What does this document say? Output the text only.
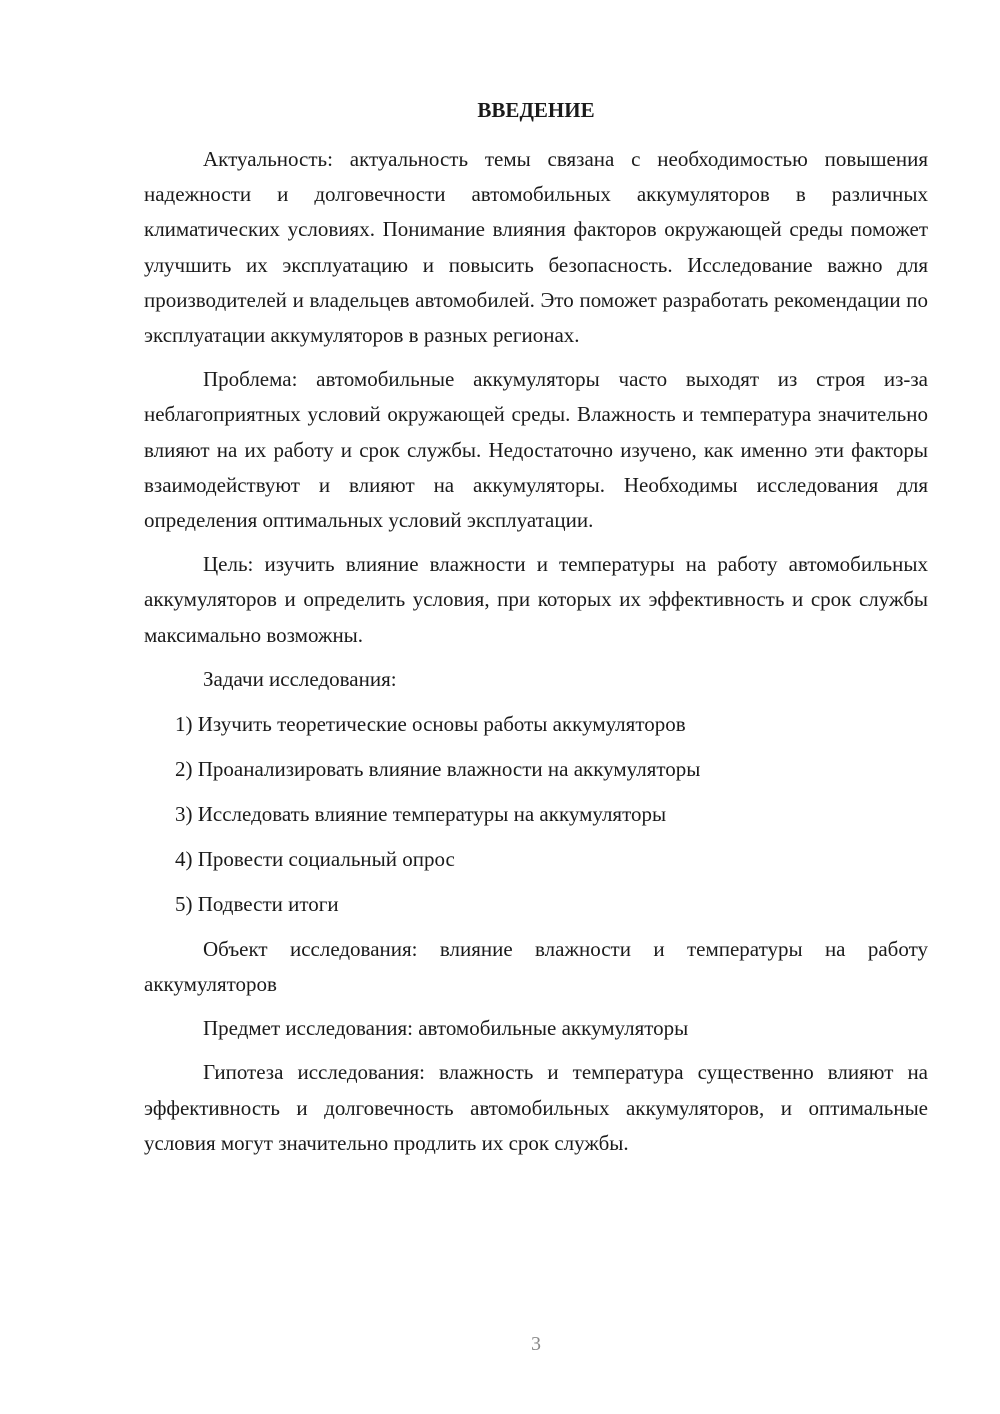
ВВЕДЕНИЕ

Актуальность: актуальность темы связана с необходимостью повышения надежности и долговечности автомобильных аккумуляторов в различных климатических условиях. Понимание влияния факторов окружающей среды поможет улучшить их эксплуатацию и повысить безопасность. Исследование важно для производителей и владельцев автомобилей. Это поможет разработать рекомендации по эксплуатации аккумуляторов в разных регионах.

Проблема: автомобильные аккумуляторы часто выходят из строя из-за неблагоприятных условий окружающей среды. Влажность и температура значительно влияют на их работу и срок службы. Недостаточно изучено, как именно эти факторы взаимодействуют и влияют на аккумуляторы. Необходимы исследования для определения оптимальных условий эксплуатации.

Цель: изучить влияние влажности и температуры на работу автомобильных аккумуляторов и определить условия, при которых их эффективность и срок службы максимально возможны.

Задачи исследования:
1) Изучить теоретические основы работы аккумуляторов
2) Проанализировать влияние влажности на аккумуляторы
3) Исследовать влияние температуры на аккумуляторы
4) Провести социальный опрос
5) Подвести итоги

Объект исследования: влияние влажности и температуры на работу аккумуляторов

Предмет исследования: автомобильные аккумуляторы

Гипотеза исследования: влажность и температура существенно влияют на эффективность и долговечность автомобильных аккумуляторов, и оптимальные условия могут значительно продлить их срок службы.

3
